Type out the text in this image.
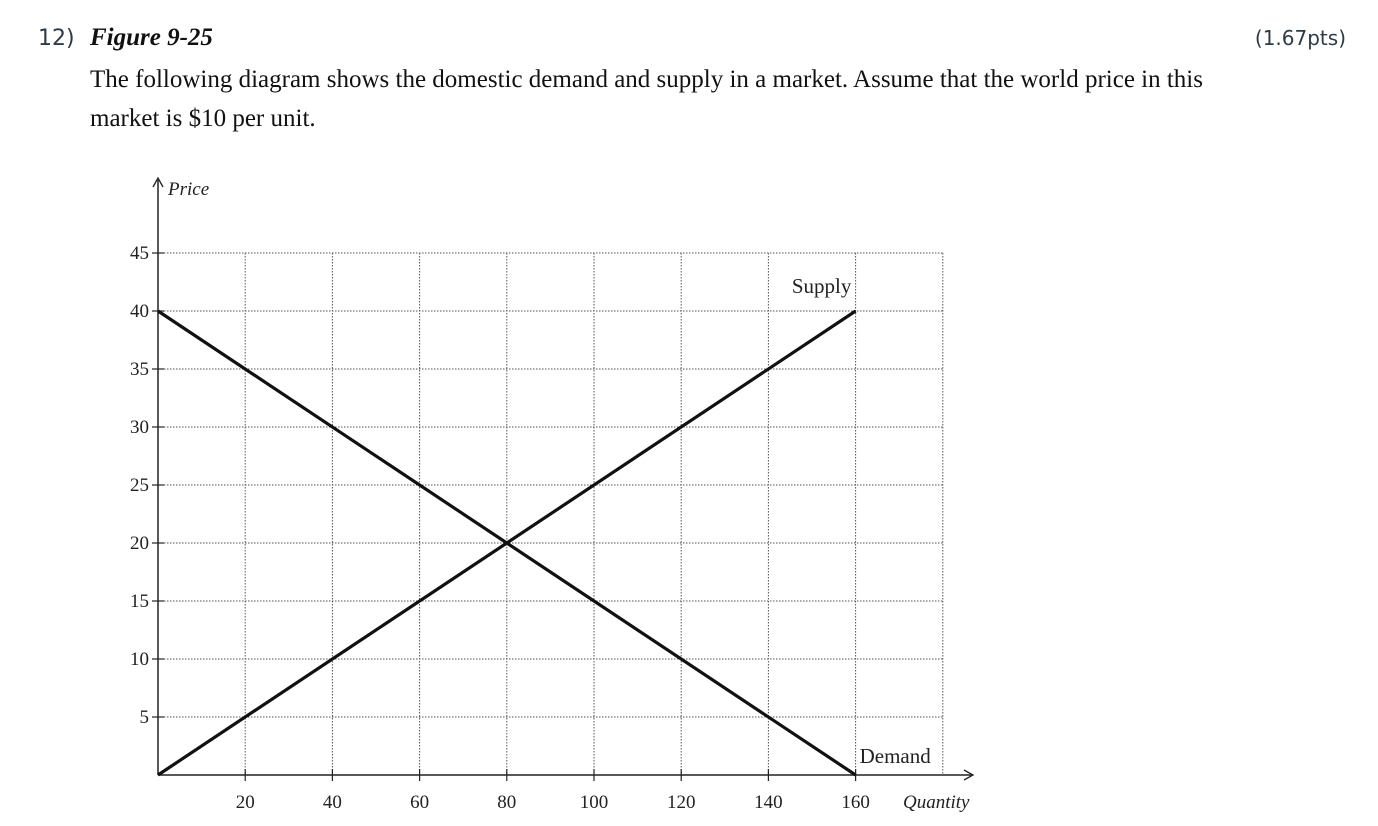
12) Figure 9-25	(1.67pts)
The following diagram shows the domestic demand and supply in a market. Assume that the world price in this market is $10 per unit.
5
10
15
20
25
30
35
40
45
20	40	60	80	100	120	140	160
Price
Quantity
Supply
Demand
